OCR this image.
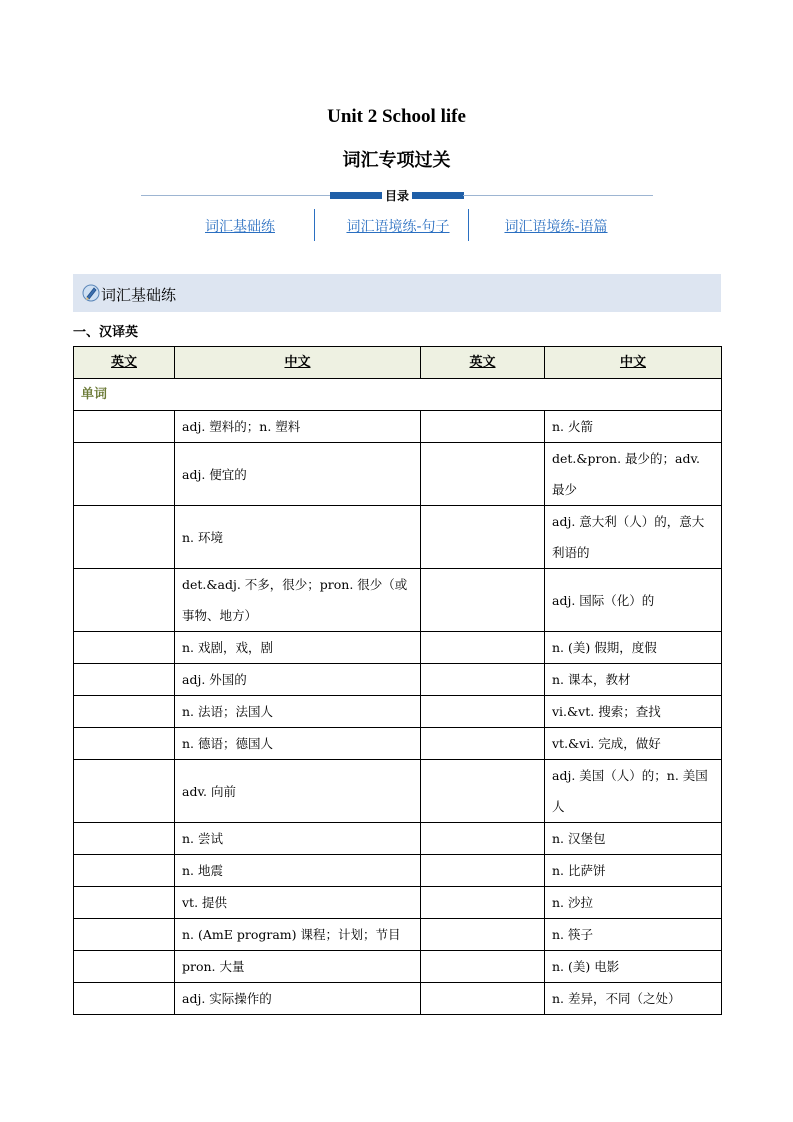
Unit 2 School life
词汇专项过关
目录
词汇基础练	词汇语境练-句子	词汇语境练-语篇
词汇基础练
一、汉译英
英文	中文	英文	中文
单词			
	adj. 塑料的；n. 塑料		n. 火箭
	adj. 便宜的		det.&pron. 最少的；adv. 最少
	n. 环境		adj. 意大利（人）的，意大利语的
	det.&adj. 不多，很少；pron. 很少（或事物、地方）		adj. 国际（化）的
	n. 戏剧，戏，剧		n. (美) 假期，度假
	adj. 外国的		n. 课本，教材
	n. 法语；法国人		vi.&vt. 搜索；查找
	n. 德语；德国人		vt.&vi. 完成，做好
	adv. 向前		adj. 美国（人）的；n. 美国人
	n. 尝试		n. 汉堡包
	n. 地震		n. 比萨饼
	vt. 提供		n. 沙拉
	n. (AmE program) 课程；计划；节目		n. 筷子
	pron. 大量		n. (美) 电影
	adj. 实际操作的		n. 差异，不同（之处）
